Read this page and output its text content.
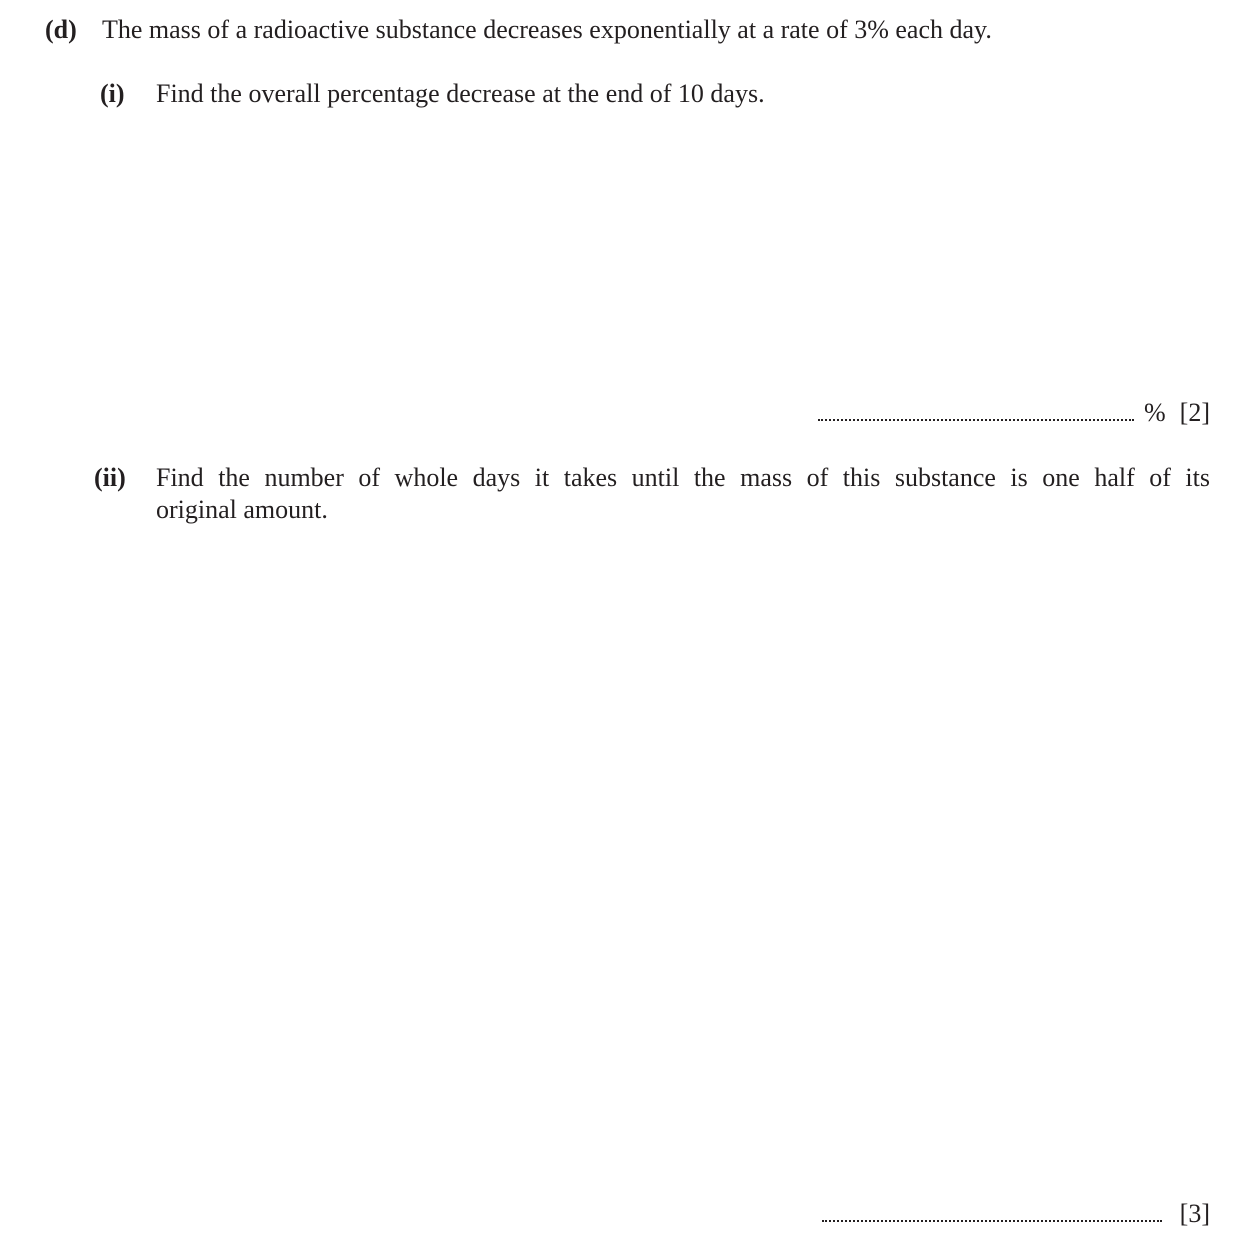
(d) The mass of a radioactive substance decreases exponentially at a rate of 3% each day.
(i) Find the overall percentage decrease at the end of 10 days.
% [2]
(ii) Find the number of whole days it takes until the mass of this substance is one half of its
original amount.
[3]
